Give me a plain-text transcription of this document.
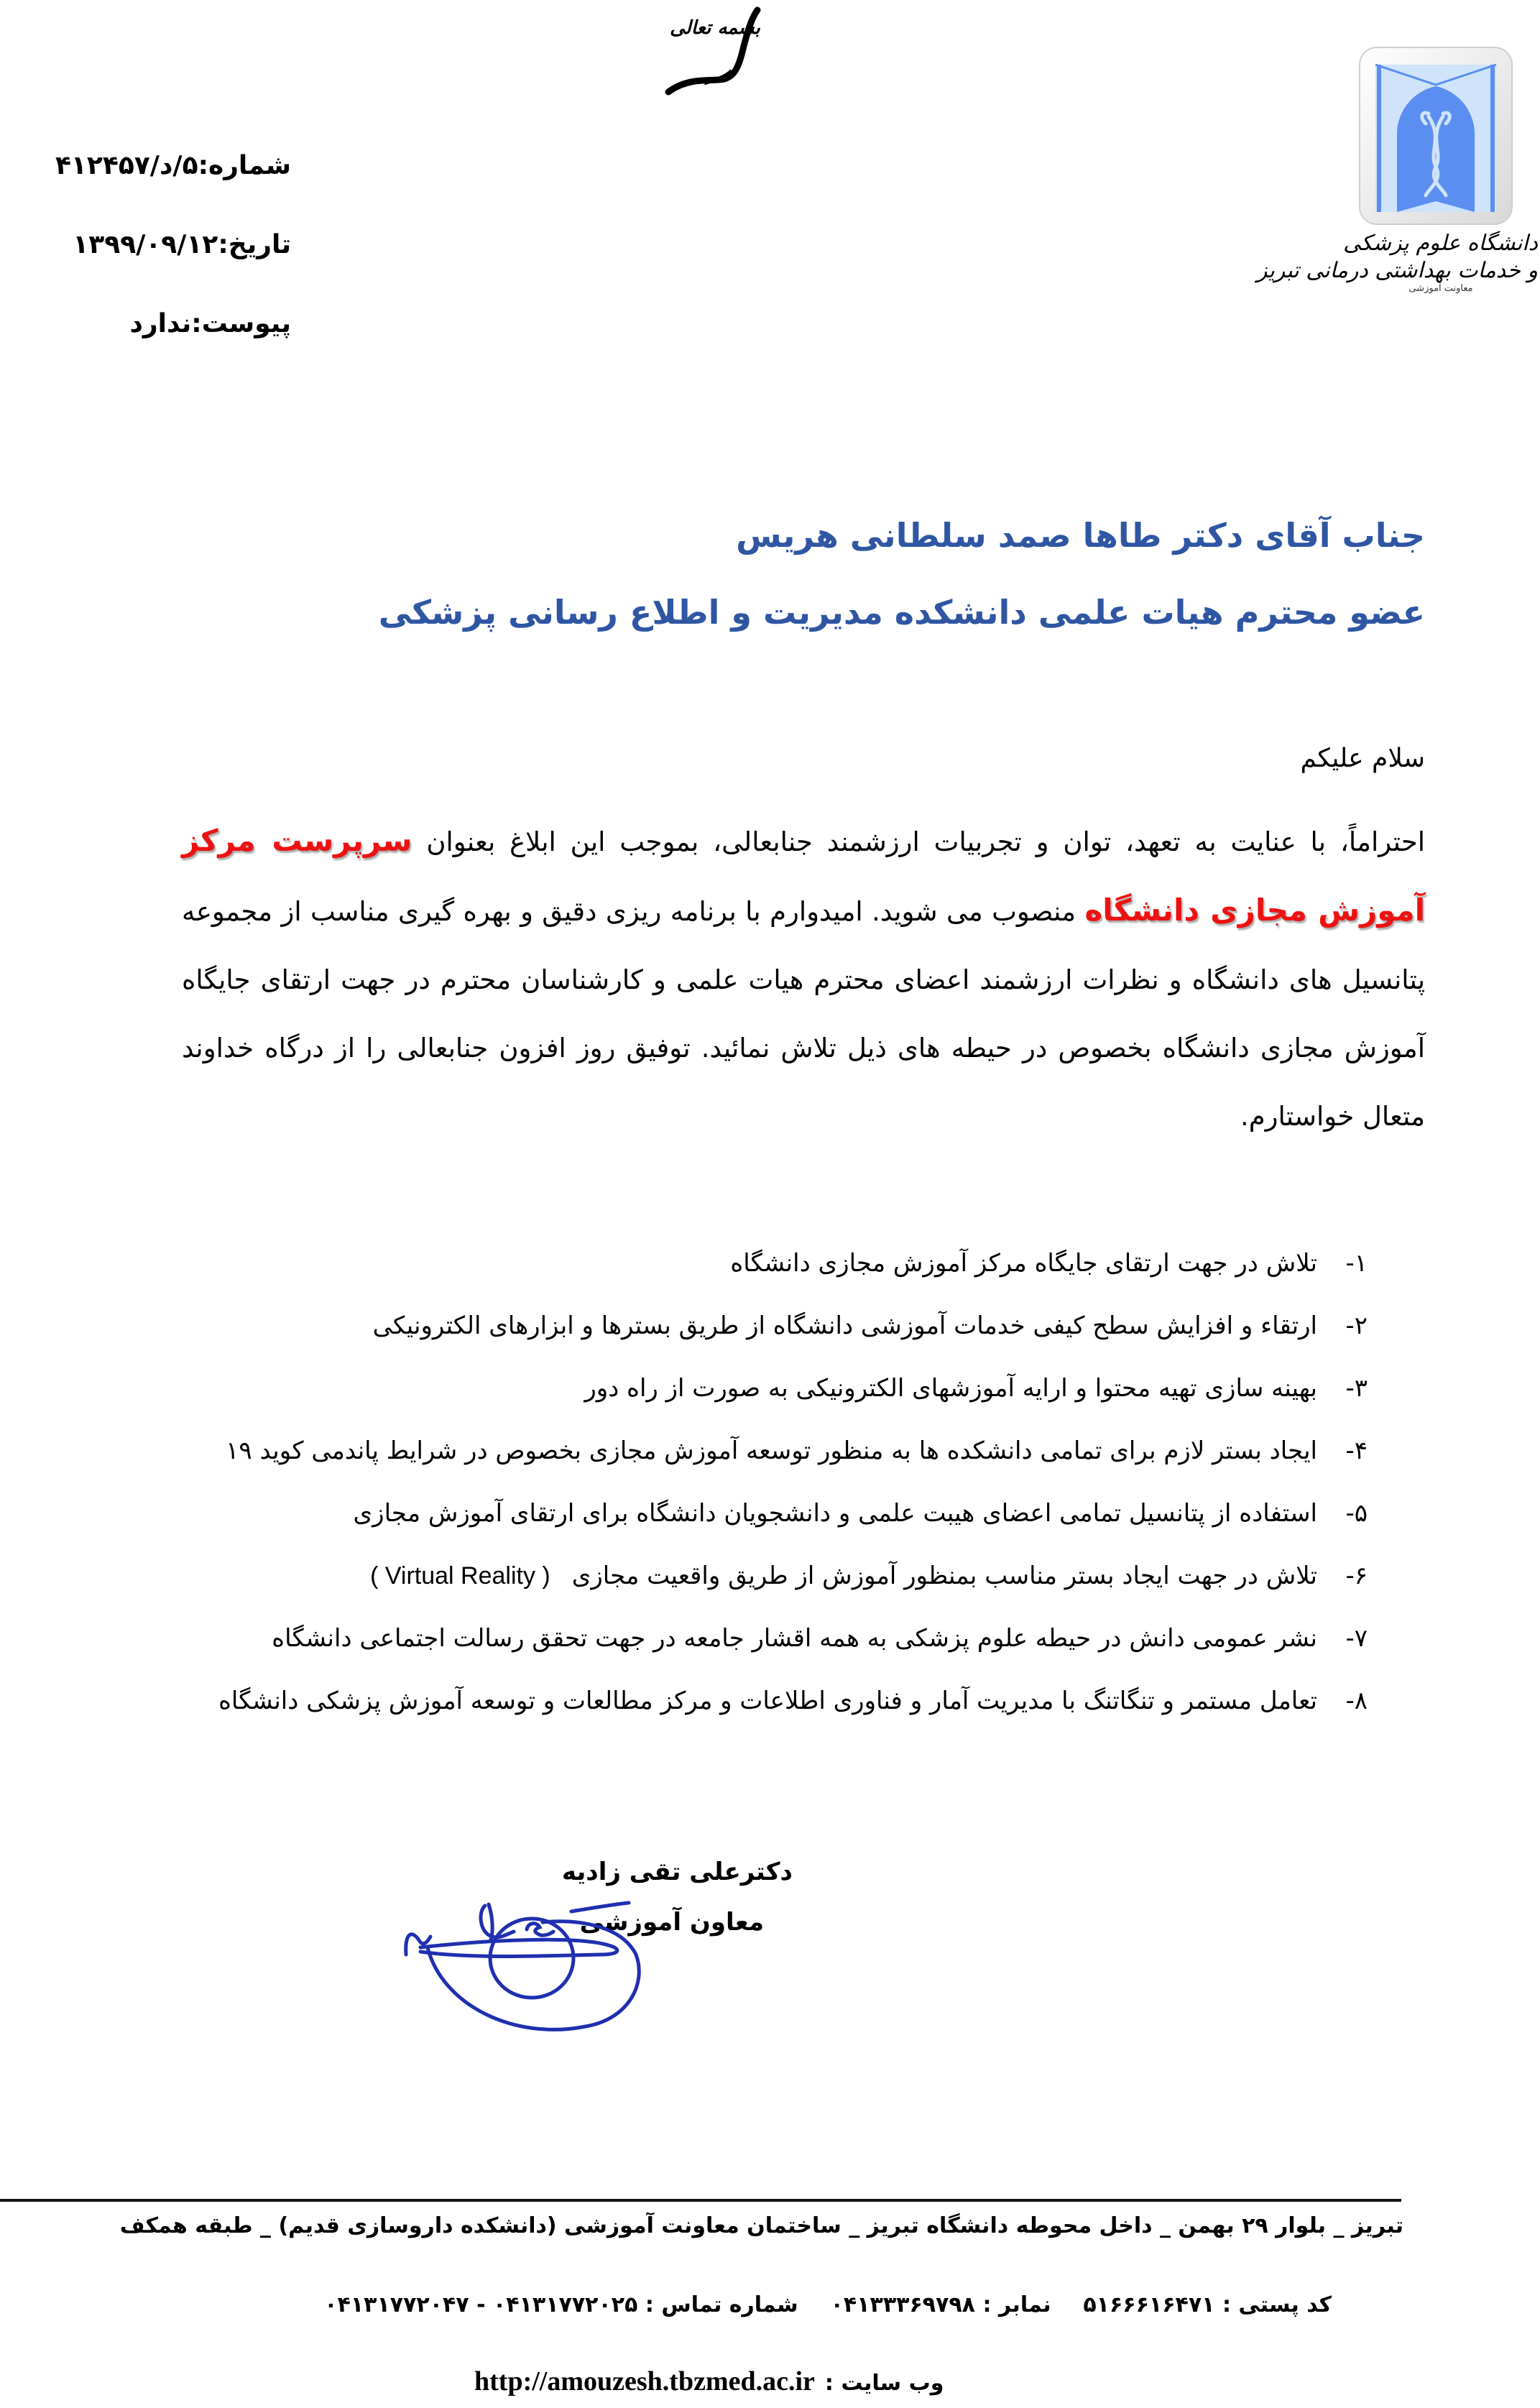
بسمه تعالی
دانشگاه علوم پزشکی
و خدمات بهداشتی درمانی تبریز
معاونت آموزشی
شماره:۵/د/۴۱۲۴۵۷
تاریخ:۱۳۹۹/۰۹/۱۲
پیوست:ندارد
جناب آقای دکتر طاها صمد سلطانی هریس
عضو محترم هیات علمی دانشکده مدیریت و اطلاع رسانی پزشکی
سلام علیکم
احتراماً، با عنایت به تعهد، توان و تجربیات ارزشمند جنابعالی، بموجب این ابلاغ بعنوان سرپرست مرکز آموزش مجازی دانشگاه منصوب می شوید. امیدوارم با برنامه ریزی دقیق و بهره گیری مناسب از مجموعه پتانسیل های دانشگاه و نظرات ارزشمند اعضای محترم هیات علمی و کارشناسان محترم در جهت ارتقای جایگاه آموزش مجازی دانشگاه بخصوص در حیطه های ذیل تلاش نمائید. توفیق روز افزون جنابعالی را از درگاه خداوند متعال خواستارم.
۱-
تلاش در جهت ارتقای جایگاه مرکز آموزش مجازی دانشگاه
۲-
ارتقاء و افزایش سطح کیفی خدمات آموزشی دانشگاه از طریق بسترها و ابزارهای الکترونیکی
۳-
بهینه سازی تهیه محتوا و ارایه آموزشهای الکترونیکی به صورت از راه دور
۴-
ایجاد بستر لازم برای تمامی دانشکده ها به منظور توسعه آموزش مجازی بخصوص در شرایط پاندمی کوید ۱۹
۵-
استفاده از پتانسیل تمامی اعضای هیبت علمی و دانشجویان دانشگاه برای ارتقای آموزش مجازی
۶-
تلاش در جهت ایجاد بستر مناسب بمنظور آموزش از طریق واقعیت مجازی
( Virtual Reality )
۷-
نشر عمومی دانش در حیطه علوم پزشکی به همه اقشار جامعه در جهت تحقق رسالت اجتماعی دانشگاه
۸-
تعامل مستمر و تنگاتنگ با مدیریت آمار و فناوری اطلاعات و مرکز مطالعات و توسعه آموزش پزشکی دانشگاه
دکترعلی تقی زادیه
معاون آموزشی
تبریز _ بلوار ۲۹ بهمن _ داخل محوطه دانشگاه تبریز _ ساختمان معاونت آموزشی (دانشکده داروسازی قدیم) _ طبقه همکف
کد پستی : ۵۱۶۶۶۱۶۴۷۱  نمابر : ۰۴۱۳۳۳۶۹۷۹۸  شماره تماس : ۰۴۱۳۱۷۷۲۰۲۵ - ۰۴۱۳۱۷۷۲۰۴۷
وب سایت :
http://amouzesh.tbzmed.ac.ir
